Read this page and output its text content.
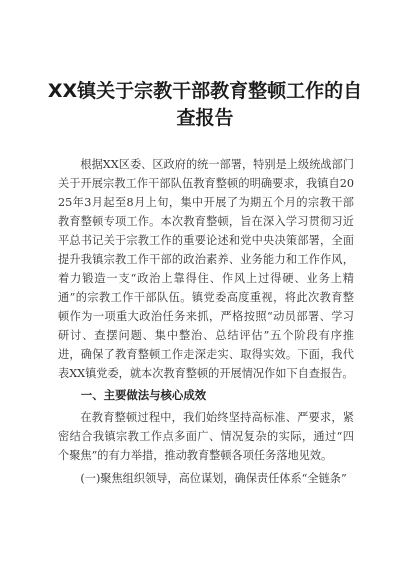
XX镇关于宗教干部教育整顿工作的自查报告

根据XX区委、区政府的统一部署，特别是上级统战部门关于开展宗教工作干部队伍教育整顿的明确要求，我镇自2025年3月起至8月上旬，集中开展了为期五个月的宗教干部教育整顿专项工作。本次教育整顿，旨在深入学习贯彻习近平总书记关于宗教工作的重要论述和党中央决策部署，全面提升我镇宗教工作干部的政治素养、业务能力和工作作风，着力锻造一支“政治上靠得住、作风上过得硬、业务上精通”的宗教工作干部队伍。镇党委高度重视，将此次教育整顿作为一项重大政治任务来抓，严格按照“动员部署、学习研讨、查摆问题、集中整治、总结评估”五个阶段有序推进，确保了教育整顿工作走深走实、取得实效。下面，我代表XX镇党委，就本次教育整顿的开展情况作如下自查报告。

一、主要做法与核心成效

在教育整顿过程中，我们始终坚持高标准、严要求，紧密结合我镇宗教工作点多面广、情况复杂的实际，通过“四个聚焦”的有力举措，推动教育整顿各项任务落地见效。

(一)聚焦组织领导，高位谋划，确保责任体系“全链条”
